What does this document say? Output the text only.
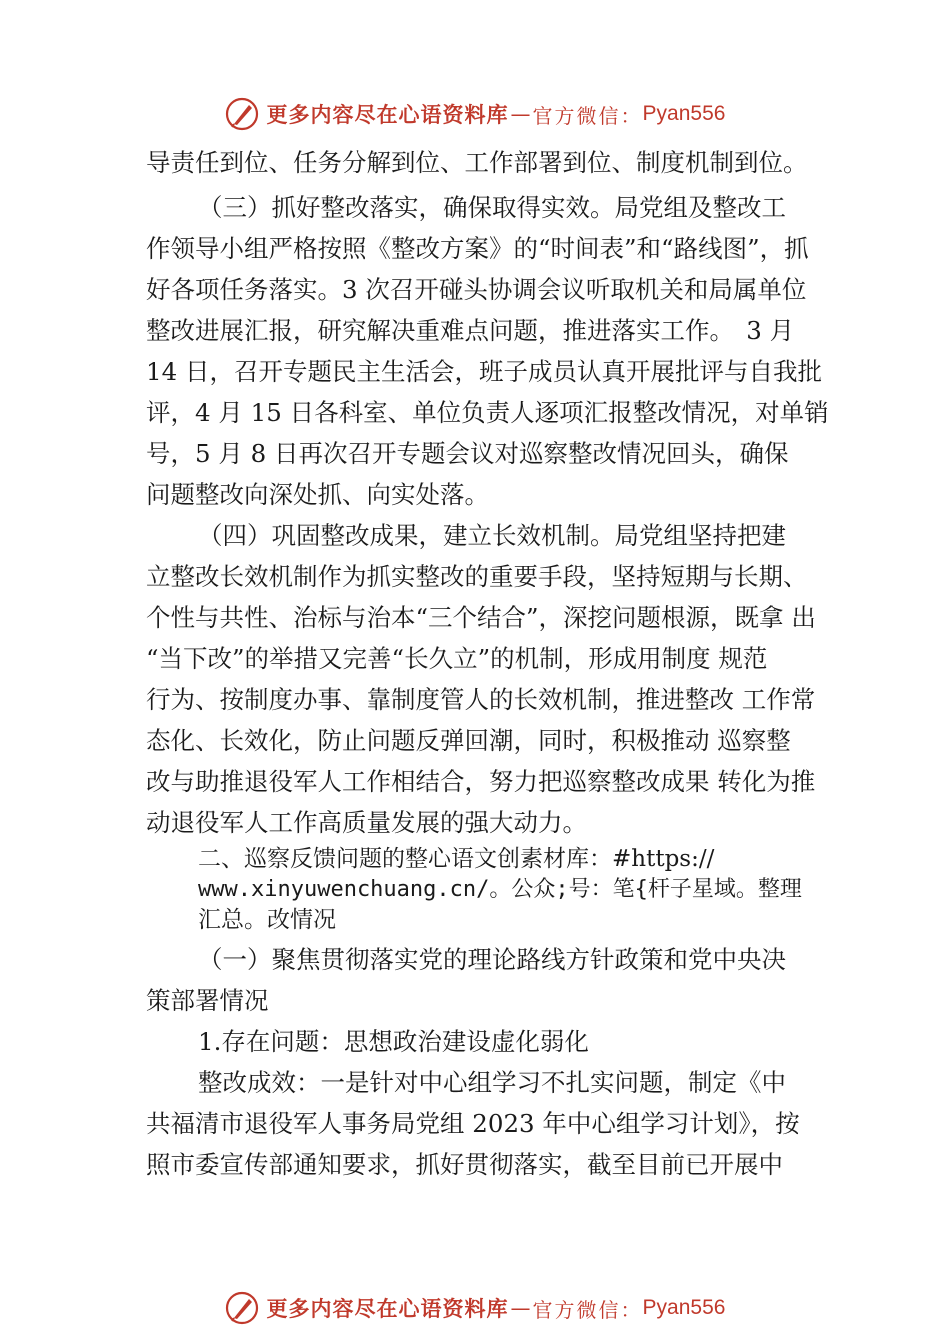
更多内容尽在心语资料库 — 官方微信： Pyan556
导责任到位、任务分解到位、工作部署到位、制度机制到位。
（三）抓好整改落实，确保取得实效。局党组及整改工
作领导小组严格按照《整改方案》的“时间表”和“路线图”，抓
好各项任务落实。3 次召开碰头协调会议听取机关和局属单位
整改进展汇报，研究解决重难点问题，推进落实工作。　3 月
14 日，召开专题民主生活会，班子成员认真开展批评与自我批
评，4 月 15 日各科室、单位负责人逐项汇报整改情况，对单销
号，5 月 8 日再次召开专题会议对巡察整改情况回头，确保
问题整改向深处抓、向实处落。
（四）巩固整改成果，建立长效机制。局党组坚持把建
立整改长效机制作为抓实整改的重要手段，坚持短期与长期、
个性与共性、治标与治本“三个结合”，深挖问题根源，既拿 出
“当下改”的举措又完善“长久立”的机制，形成用制度 规范
行为、按制度办事、靠制度管人的长效机制，推进整改 工作常
态化、长效化，防止问题反弹回潮，同时，积极推动 巡察整
改与助推退役军人工作相结合，努力把巡察整改成果 转化为推
动退役军人工作高质量发展的强大动力。
二、巡察反馈问题的整心语文创素材库：#https://
www.xinyuwenchuang.cn/。公众;号：笔{杆子星域。整理
汇总。改情况
（一）聚焦贯彻落实党的理论路线方针政策和党中央决
策部署情况
1.存在问题：思想政治建设虚化弱化
整改成效：一是针对中心组学习不扎实问题，制定《中
共福清市退役军人事务局党组 2023 年中心组学习计划》，按
照市委宣传部通知要求，抓好贯彻落实，截至目前已开展中
更多内容尽在心语资料库 — 官方微信： Pyan556
